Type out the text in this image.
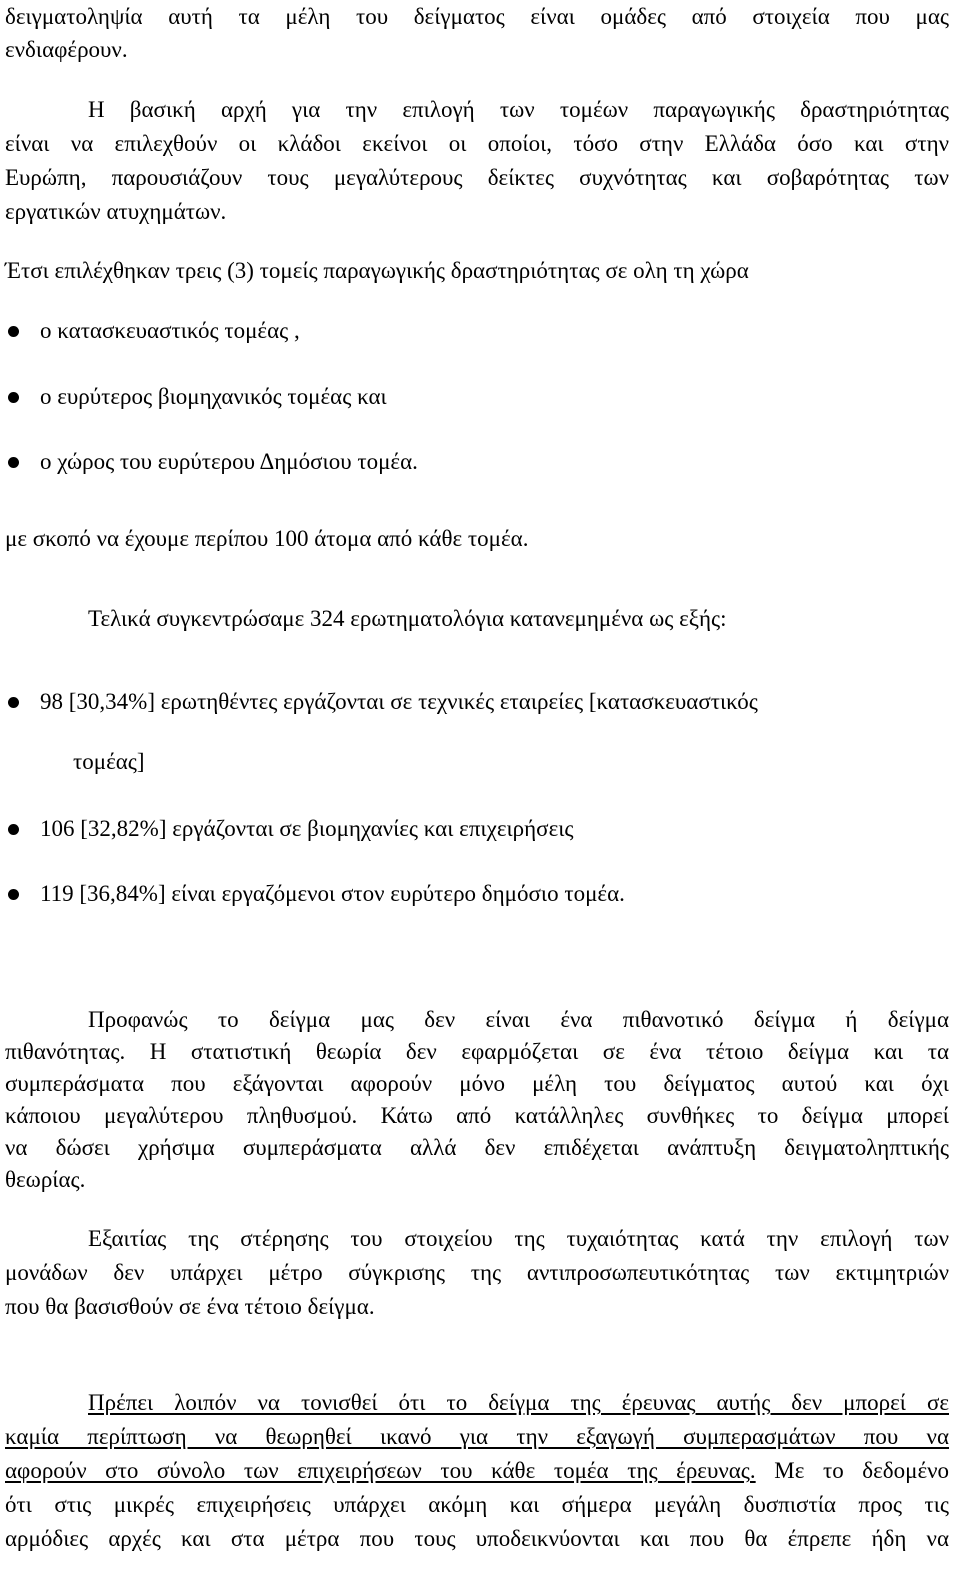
δειγματοληψία αυτή τα μέλη του δείγματος είναι ομάδες από στοιχεία που μας
ενδιαφέρουν.
Η βασική αρχή για την επιλογή των τομέων παραγωγικής δραστηριότητας
είναι να επιλεχθούν οι κλάδοι εκείνοι οι οποίοι, τόσο στην Ελλάδα όσο και στην
Ευρώπη, παρουσιάζουν τους μεγαλύτερους δείκτες συχνότητας και σοβαρότητας των
εργατικών ατυχημάτων.
Έτσι επιλέχθηκαν τρεις (3) τομείς παραγωγικής δραστηριότητας σε ολη τη χώρα
ο κατασκευαστικός τομέας ,
ο ευρύτερος βιομηχανικός τομέας και
ο χώρος του ευρύτερου Δημόσιου τομέα.
με σκοπό να έχουμε περίπου 100 άτομα από κάθε τομέα.
Τελικά συγκεντρώσαμε 324 ερωτηματολόγια κατανεμημένα ως εξής:
98 [30,34%] ερωτηθέντες εργάζονται σε τεχνικές εταιρείες [κατασκευαστικός
τομέας]
106 [32,82%] εργάζονται σε βιομηχανίες και επιχειρήσεις
119 [36,84%] είναι εργαζόμενοι στον ευρύτερο δημόσιο τομέα.
Προφανώς το δείγμα μας δεν είναι ένα πιθανοτικό δείγμα ή δείγμα
πιθανότητας. Η στατιστική θεωρία δεν εφαρμόζεται σε ένα τέτοιο δείγμα και τα
συμπεράσματα που εξάγονται αφορούν μόνο μέλη του δείγματος αυτού και όχι
κάποιου μεγαλύτερου πληθυσμού. Κάτω από κατάλληλες συνθήκες το δείγμα μπορεί
να δώσει χρήσιμα συμπεράσματα αλλά δεν επιδέχεται ανάπτυξη δειγματοληπτικής
θεωρίας.
Εξαιτίας της στέρησης του στοιχείου της τυχαιότητας κατά την επιλογή των
μονάδων δεν υπάρχει μέτρο σύγκρισης της αντιπροσωπευτικότητας των εκτιμητριών
που θα βασισθούν σε ένα τέτοιο δείγμα.
Πρέπει λοιπόν να τονισθεί ότι το δείγμα της έρευνας αυτής δεν μπορεί σε
καμία περίπτωση να θεωρηθεί ικανό για την εξαγωγή συμπερασμάτων που να
αφορούν στο σύνολο των επιχειρήσεων του κάθε τομέα της έρευνας. Με το δεδομένο
ότι στις μικρές επιχειρήσεις υπάρχει ακόμη και σήμερα μεγάλη δυσπιστία προς τις
αρμόδιες αρχές και στα μέτρα που τους υποδεικνύονται και που θα έπρεπε ήδη να
